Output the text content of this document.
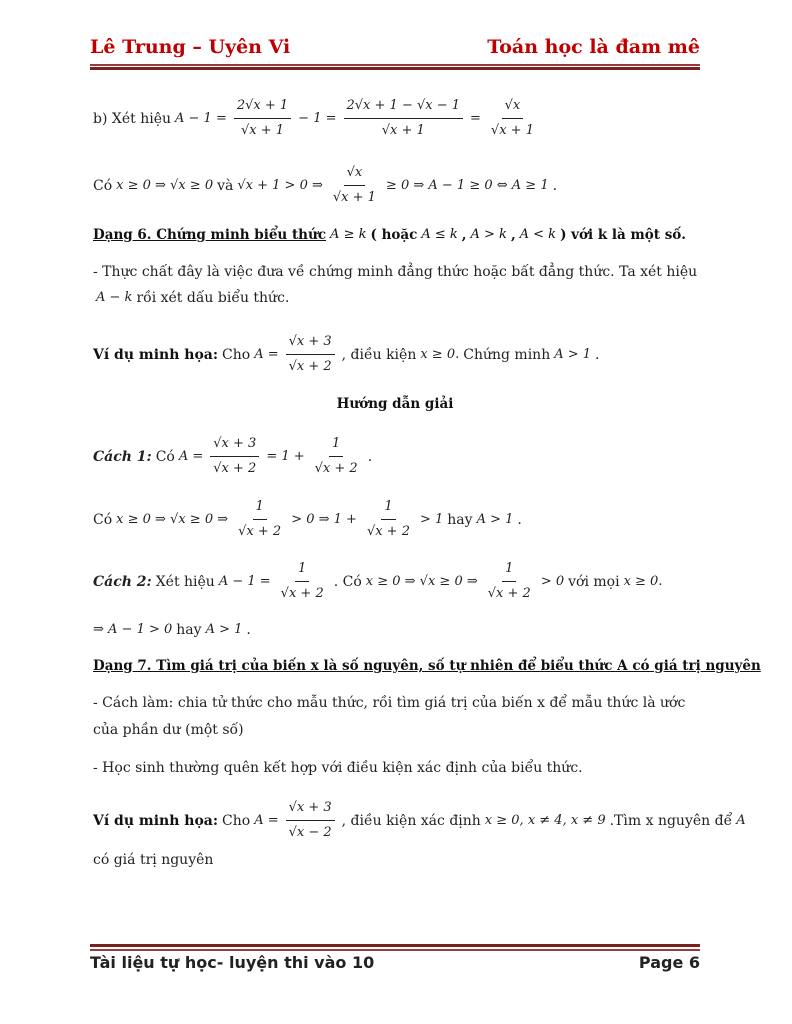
Lê Trung – Uyên Vi	Toán học là đam mê
b) Xét hiệu $A - 1 = \frac{2√x + 1}{√x + 1} - 1 = \frac{2√x + 1 - √x - 1}{√x + 1} = \frac{√x}{√x + 1}$
Có x ≥ 0 ⇒ √x ≥ 0 và √x + 1 > 0 ⇒ $\frac{√x}{√x + 1} \ge 0$ ⇒ A − 1 ≥ 0 ⇔ A ≥ 1 .
Dạng 6. Chứng minh biểu thức A ≥ k ( hoặc A ≤ k , A > k , A < k ) với k là một số.
- Thực chất đây là việc đưa về chứng minh đẳng thức hoặc bất đẳng thức. Ta xét hiệu
A − k rồi xét dấu biểu thức.
Ví dụ minh họa: Cho $A = \frac{√x + 3}{√x + 2}$ , điều kiện x ≥ 0. Chứng minh A > 1 .
Hướng dẫn giải
Cách 1: Có $A = \frac{√x + 3}{√x + 2} = 1 + \frac{1}{√x + 2}$ .
Có x ≥ 0 ⇒ √x ≥ 0 ⇒ $\frac{1}{√x + 2} > 0$ ⇒ $1 + \frac{1}{√x + 2} > 1$ hay A > 1 .
Cách 2: Xét hiệu $A - 1 = \frac{1}{√x + 2}$ . Có x ≥ 0 ⇒ √x ≥ 0 ⇒ $\frac{1}{√x + 2} > 0$ với mọi x ≥ 0.
⇒ A − 1 > 0 hay A > 1 .
Dạng 7. Tìm giá trị của biến x là số nguyên, số tự nhiên để biểu thức A có giá trị nguyên
- Cách làm: chia tử thức cho mẫu thức, rồi tìm giá trị của biến x để mẫu thức là ước của phần dư (một số)
- Học sinh thường quên kết hợp với điều kiện xác định của biểu thức.
Ví dụ minh họa: Cho $A = \frac{√x + 3}{√x - 2}$ , điều kiện xác định x ≥ 0, x ≠ 4, x ≠ 9 .Tìm x nguyên để A
có giá trị nguyên
Tài liệu tự học- luyện thi vào 10	Page 6
